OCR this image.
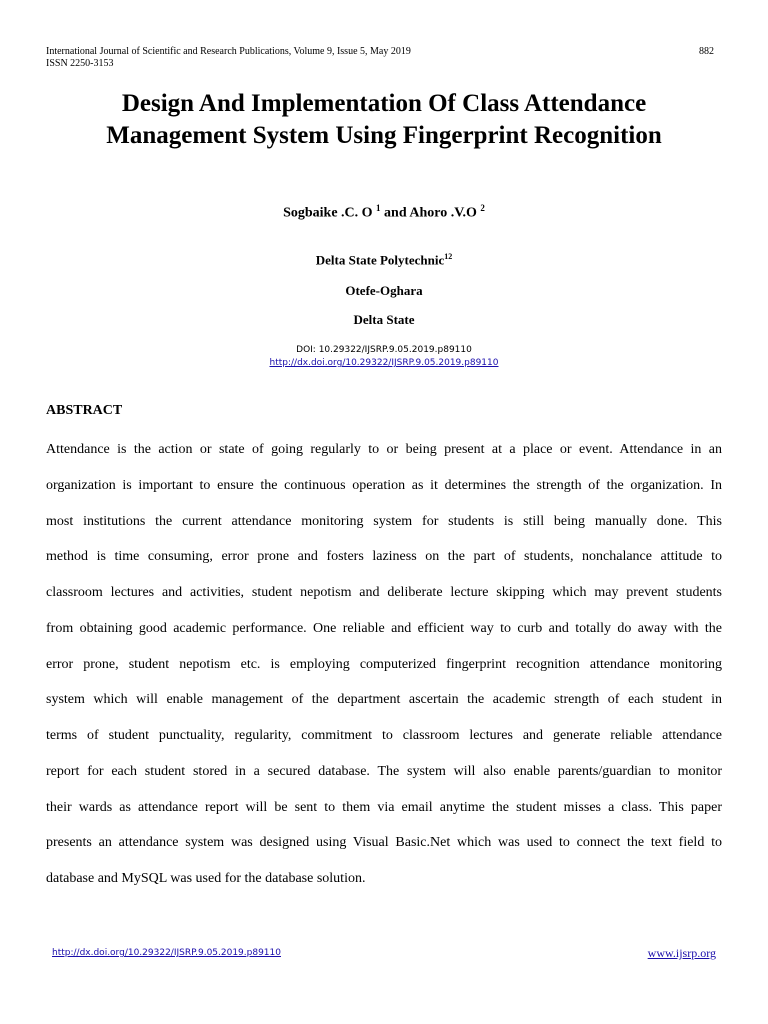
International Journal of Scientific and Research Publications, Volume 9, Issue 5, May 2019
ISSN 2250-3153
882
Design And Implementation Of Class Attendance
Management System Using Fingerprint Recognition
Sogbaike .C. O $^1$ and Ahoro .V.O $^2$
Delta State Polytechnic$^{12}$
Otefe-Oghara
Delta State
DOI: 10.29322/IJSRP.9.05.2019.p89110
http://dx.doi.org/10.29322/IJSRP.9.05.2019.p89110
ABSTRACT
Attendance is the action or state of going regularly to or being present at a place or event. Attendance in an
organization is important to ensure the continuous operation as it determines the strength of the organization. In
most institutions the current attendance monitoring system for students is still being manually done. This
method is time consuming, error prone and fosters laziness on the part of students, nonchalance attitude to
classroom lectures and activities, student nepotism and deliberate lecture skipping which may prevent students
from obtaining good academic performance. One reliable and efficient way to curb and totally do away with the
error prone, student nepotism etc. is employing computerized fingerprint recognition attendance monitoring
system which will enable management of the department ascertain the academic strength of each student in
terms of student punctuality, regularity, commitment to classroom lectures and generate reliable attendance
report for each student stored in a secured database. The system will also enable parents/guardian to monitor
their wards as attendance report will be sent to them via email anytime the student misses a class. This paper
presents an attendance system was designed using Visual Basic.Net which was used to connect the text field to
database and MySQL was used for the database solution.
http://dx.doi.org/10.29322/IJSRP.9.05.2019.p89110	www.ijsrp.org
